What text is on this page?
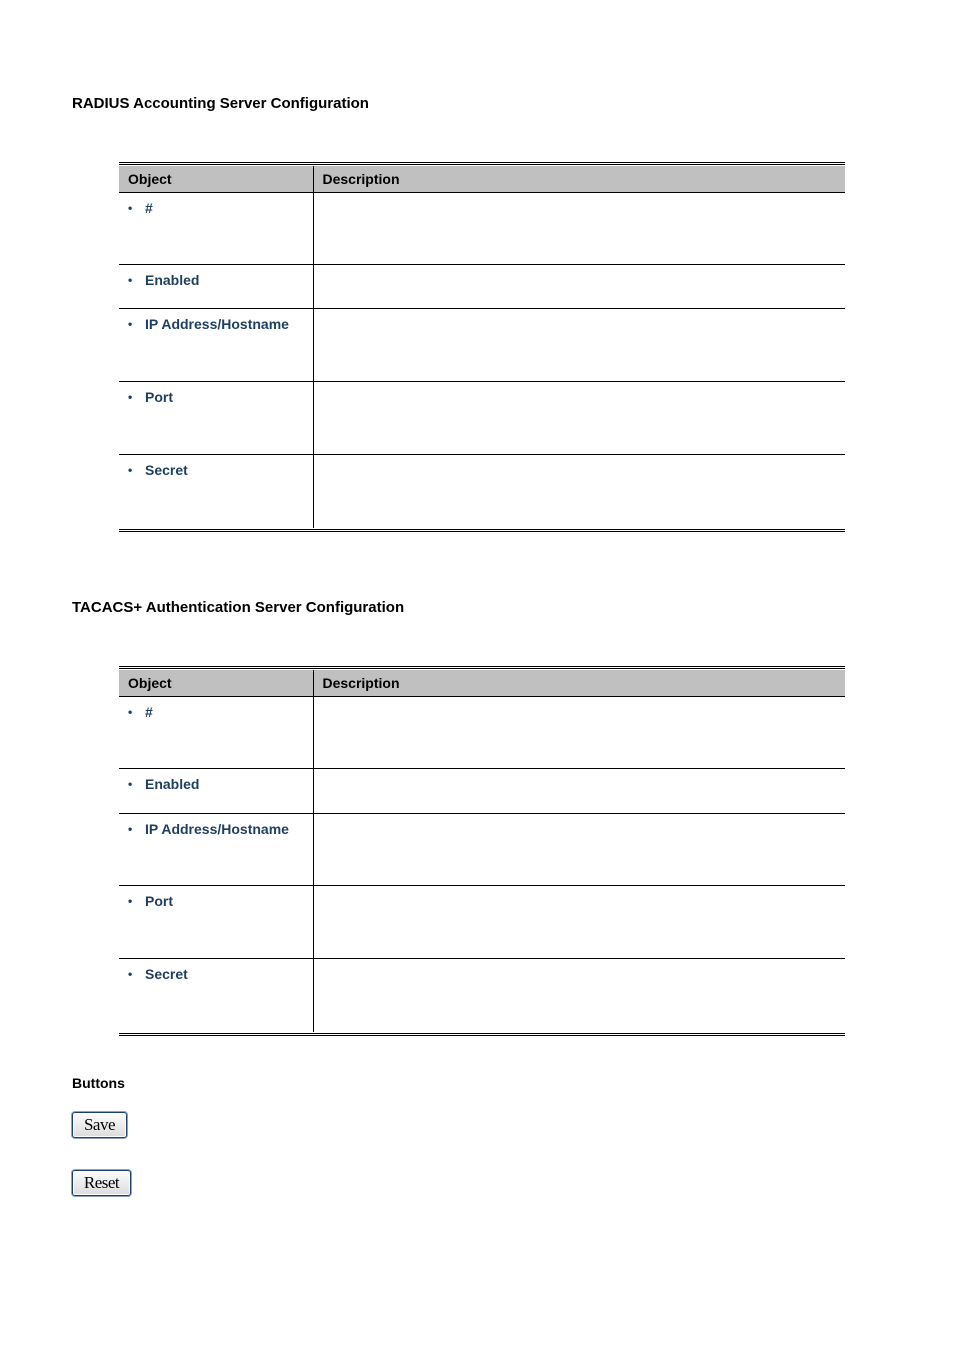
RADIUS Accounting Server Configuration
Object	Description

• #	

• Enabled	

• IP Address/Hostname	

• Port	

• Secret	

TACACS+ Authentication Server Configuration
Object	Description

• #	

• Enabled	

• IP Address/Hostname	

• Port	

• Secret	

Buttons
Save
Reset
